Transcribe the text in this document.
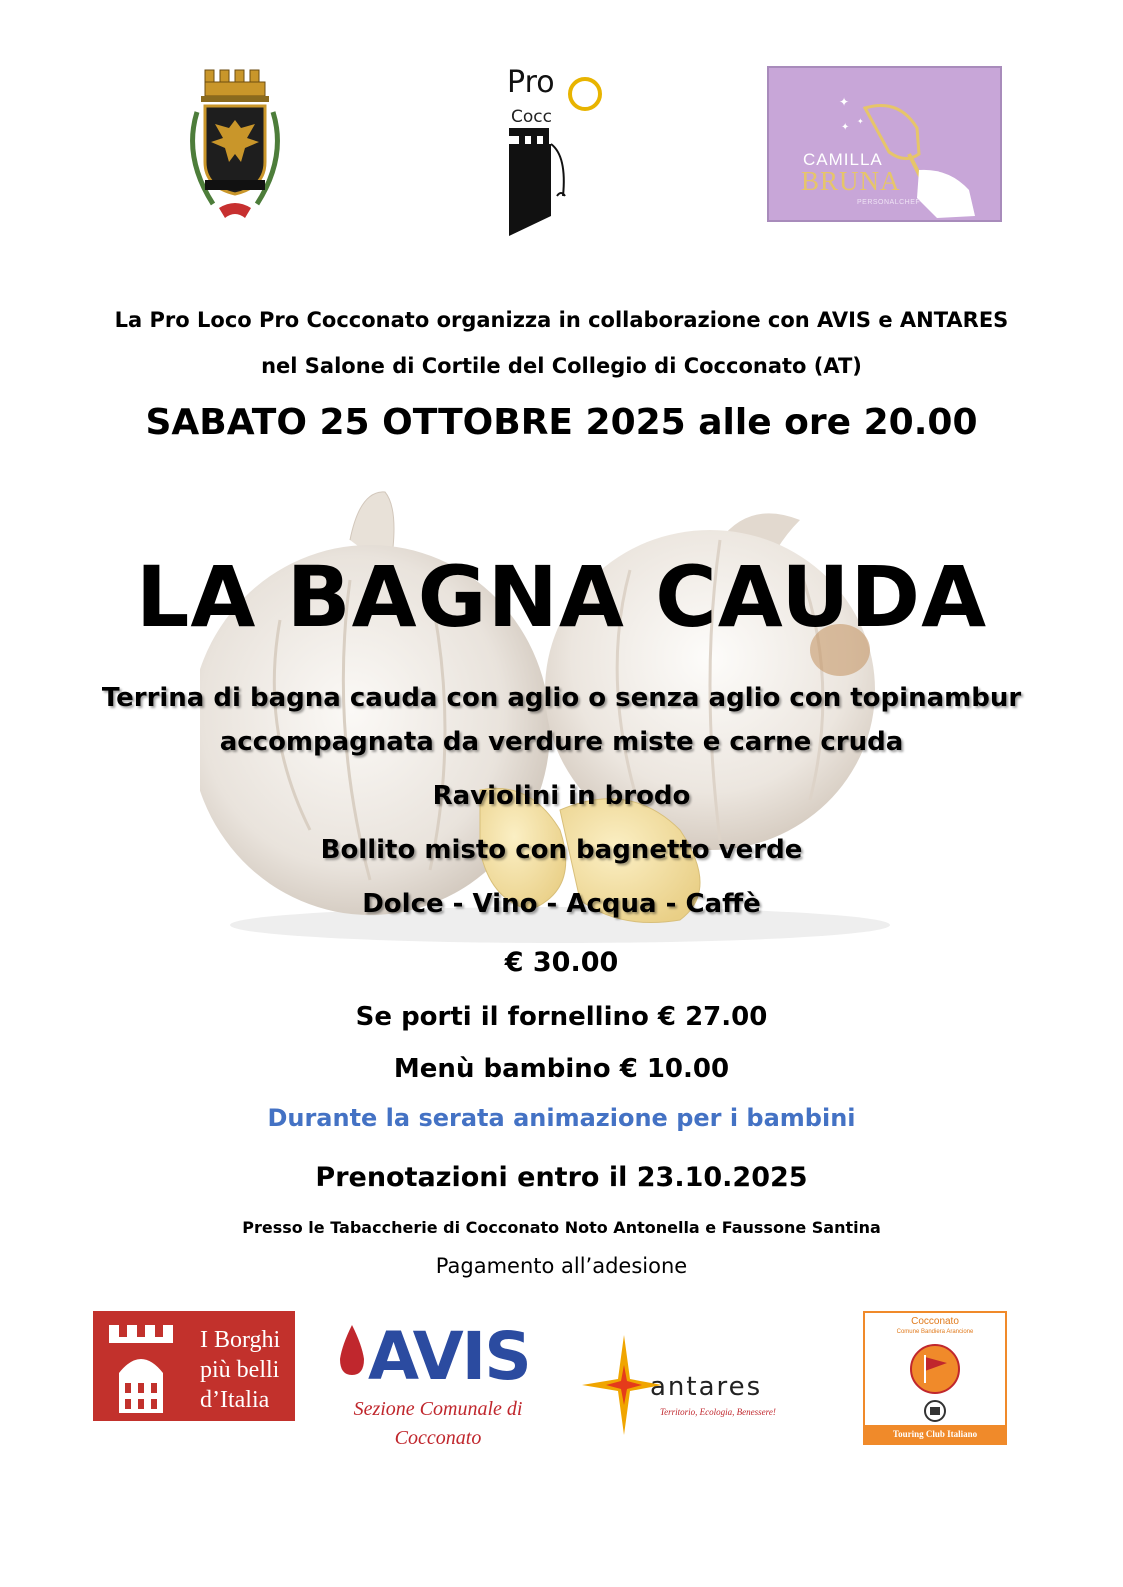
Pro
Cocc
✦
✦
✦
CAMILLA
BRUNA
PERSONALCHEF
La Pro Loco Pro Cocconato organizza in collaborazione con AVIS e ANTARES
nel Salone di Cortile del Collegio di Cocconato (AT)
SABATO 25 OTTOBRE 2025 alle ore 20.00
LA BAGNA CAUDA
Terrina di bagna cauda con aglio o senza aglio con topinambur
accompagnata da verdure miste e carne cruda
Raviolini in brodo
Bollito misto con bagnetto verde
Dolce - Vino - Acqua - Caffè
€ 30.00
Se porti il fornellino € 27.00
Menù bambino € 10.00
Durante la serata animazione per i bambini
Prenotazioni entro il 23.10.2025
Presso le Tabaccherie di Cocconato Noto Antonella e Faussone Santina
Pagamento all’adesione
I Borghi
più belli
d’Italia
AVIS
Sezione Comunale di
Cocconato
antares
Territorio, Ecologia, Benessere!
Cocconato
Comune Bandiera Arancione
Touring Club Italiano
